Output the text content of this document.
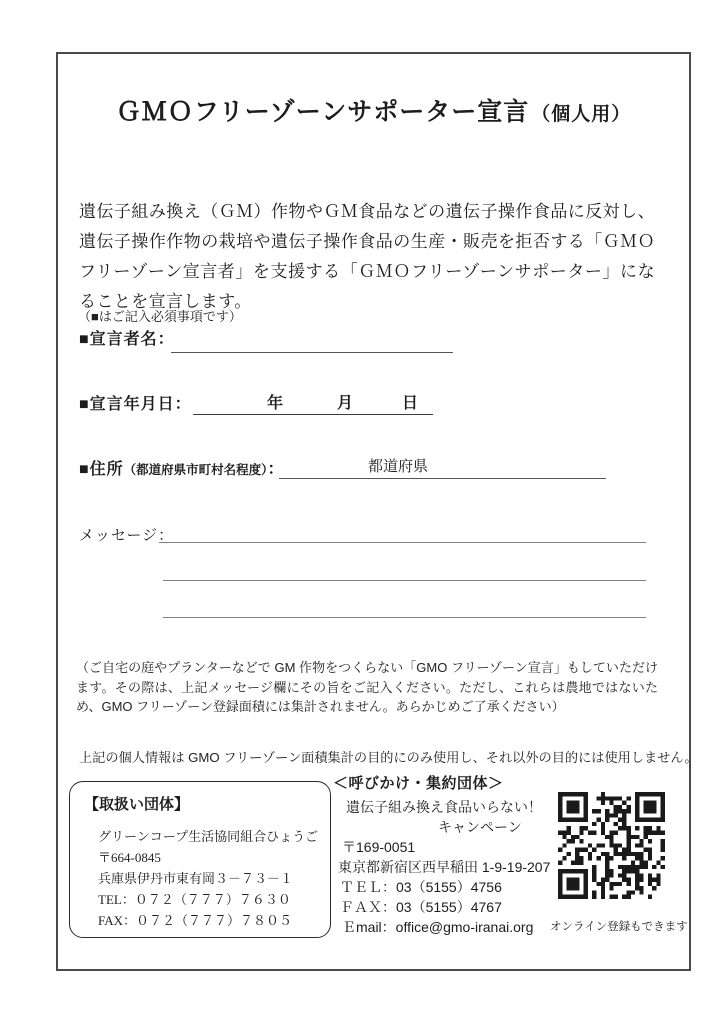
ＧＭＯフリーゾーンサポーター宣言 （個人用）

遺伝子組み換え（ＧＭ）作物やＧＭ食品などの遺伝子操作食品に反対し、遺伝子操作作物の栽培や遺伝子操作食品の生産・販売を拒否する「ＧＭＯフリーゾーン宣言者」を支援する「ＧＭＯフリーゾーンサポーター」になることを宣言します。

（■はご記入必須事項です）
■宣言者名：
■宣言年月日：	年	月	日
■住所（都道府県市町村名程度）：	都道府県
メッセージ：

（ご自宅の庭やプランターなどで GM 作物をつくらない「GMO フリーゾーン宣言」もしていただけます。その際は、上記メッセージ欄にその旨をご記入ください。ただし、これらは農地ではないため、GMO フリーゾーン登録面積には集計されません。あらかじめご了承ください）

上記の個人情報は GMO フリーゾーン面積集計の目的にのみ使用し、それ以外の目的には使用しません。
＜呼びかけ・集約団体＞
【取扱い団体】
グリーンコープ生活協同組合ひょうご
〒664-0845
兵庫県伊丹市東有岡３－７３－１
TEL：０７２（７７７）７６３０
FAX：０７２（７７７）７８０５
遺伝子組み換え食品いらない！
キャンペーン
〒169-0051
東京都新宿区西早稲田 1-9-19-207
ＴＥＬ：03（5155）4756
ＦＡＸ：03（5155）4767
Ｅmail：office@gmo-iranai.org	オンライン登録もできます
